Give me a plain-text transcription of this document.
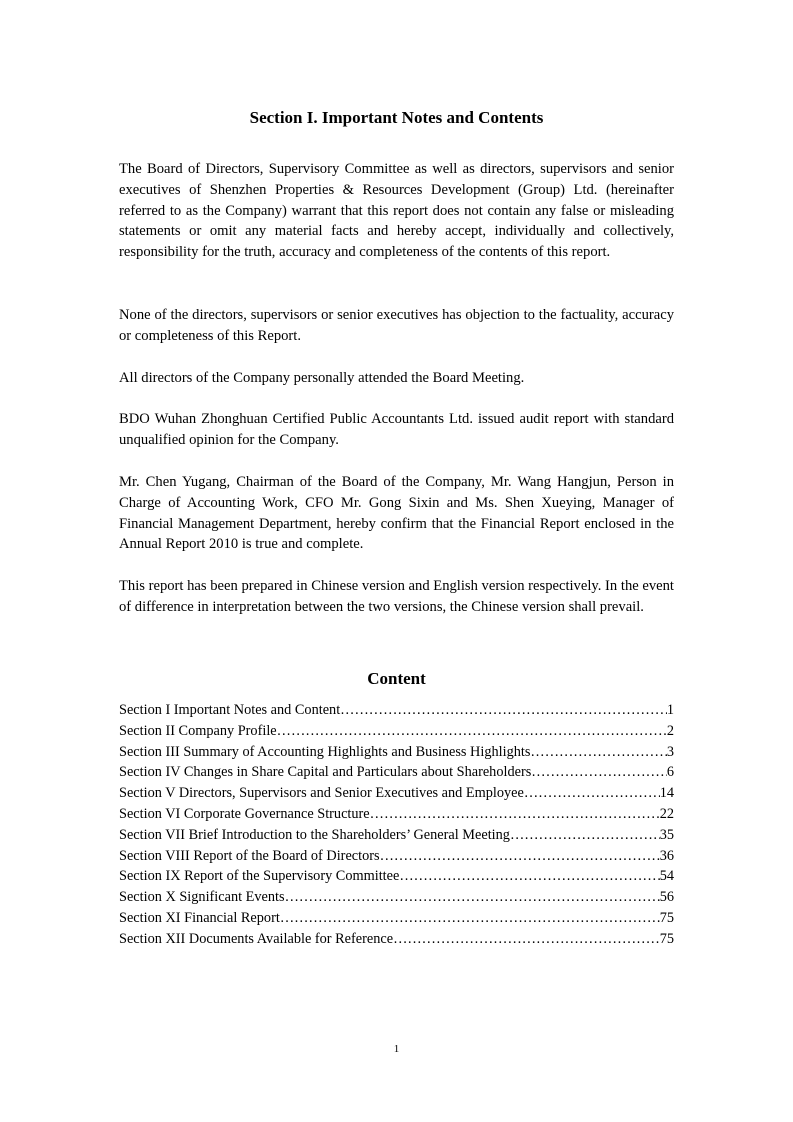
Section I. Important Notes and Contents

The Board of Directors, Supervisory Committee as well as directors, supervisors and senior executives of Shenzhen Properties & Resources Development (Group) Ltd. (hereinafter referred to as the Company) warrant that this report does not contain any false or misleading statements or omit any material facts and hereby accept, individually and collectively, responsibility for the truth, accuracy and completeness of the contents of this report.

None of the directors, supervisors or senior executives has objection to the factuality, accuracy or completeness of this Report.

All directors of the Company personally attended the Board Meeting.

BDO Wuhan Zhonghuan Certified Public Accountants Ltd. issued audit report with standard unqualified opinion for the Company.

Mr. Chen Yugang, Chairman of the Board of the Company, Mr. Wang Hangjun, Person in Charge of Accounting Work, CFO Mr. Gong Sixin and Ms. Shen Xueying, Manager of Financial Management Department, hereby confirm that the Financial Report enclosed in the Annual Report 2010 is true and complete.

This report has been prepared in Chinese version and English version respectively. In the event of difference in interpretation between the two versions, the Chinese version shall prevail.

Content
Section I Important Notes and Content ……………………………………………………………………………………………………………………………………	1
Section II Company Profile ……………………………………………………………………………………………………………………………………	2
Section III Summary of Accounting Highlights and Business Highlights ……………………………………………………………………………………………………………………………………	3
Section IV Changes in Share Capital and Particulars about Shareholders ……………………………………………………………………………………………………………………………………	6
Section V Directors, Supervisors and Senior Executives and Employee ……………………………………………………………………………………………………………………………………	14
Section VI Corporate Governance Structure ……………………………………………………………………………………………………………………………………	22
Section VII Brief Introduction to the Shareholders’ General Meeting ……………………………………………………………………………………………………………………………………	35
Section VIII Report of the Board of Directors ……………………………………………………………………………………………………………………………………	36
Section IX Report of the Supervisory Committee ……………………………………………………………………………………………………………………………………	54
Section X Significant Events ……………………………………………………………………………………………………………………………………	56
Section XI Financial Report ……………………………………………………………………………………………………………………………………	75
Section XII Documents Available for Reference ……………………………………………………………………………………………………………………………………	75
1
